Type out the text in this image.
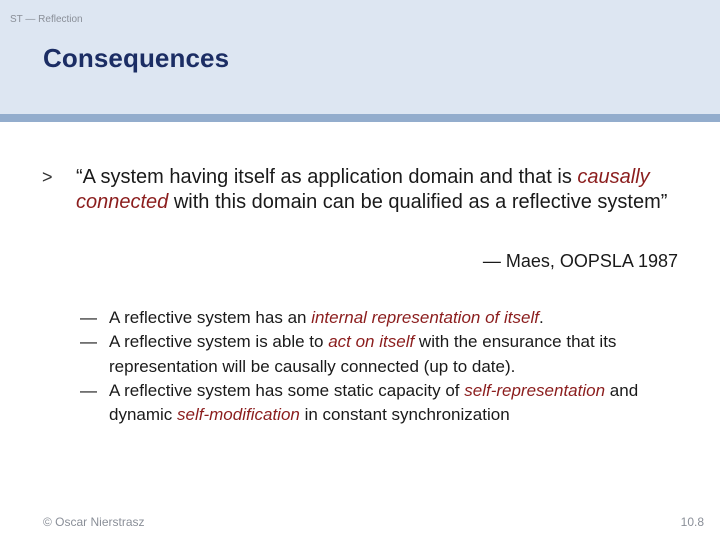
ST — Reflection
Consequences
> “A system having itself as application domain and that is causally connected with this domain can be qualified as a reflective system”
— Maes, OOPSLA 1987
— A reflective system has an internal representation of itself.
— A reflective system is able to act on itself with the ensurance that its representation will be causally connected (up to date).
— A reflective system has some static capacity of self-representation and dynamic self-modification in constant synchronization
© Oscar Nierstrasz	10.8
